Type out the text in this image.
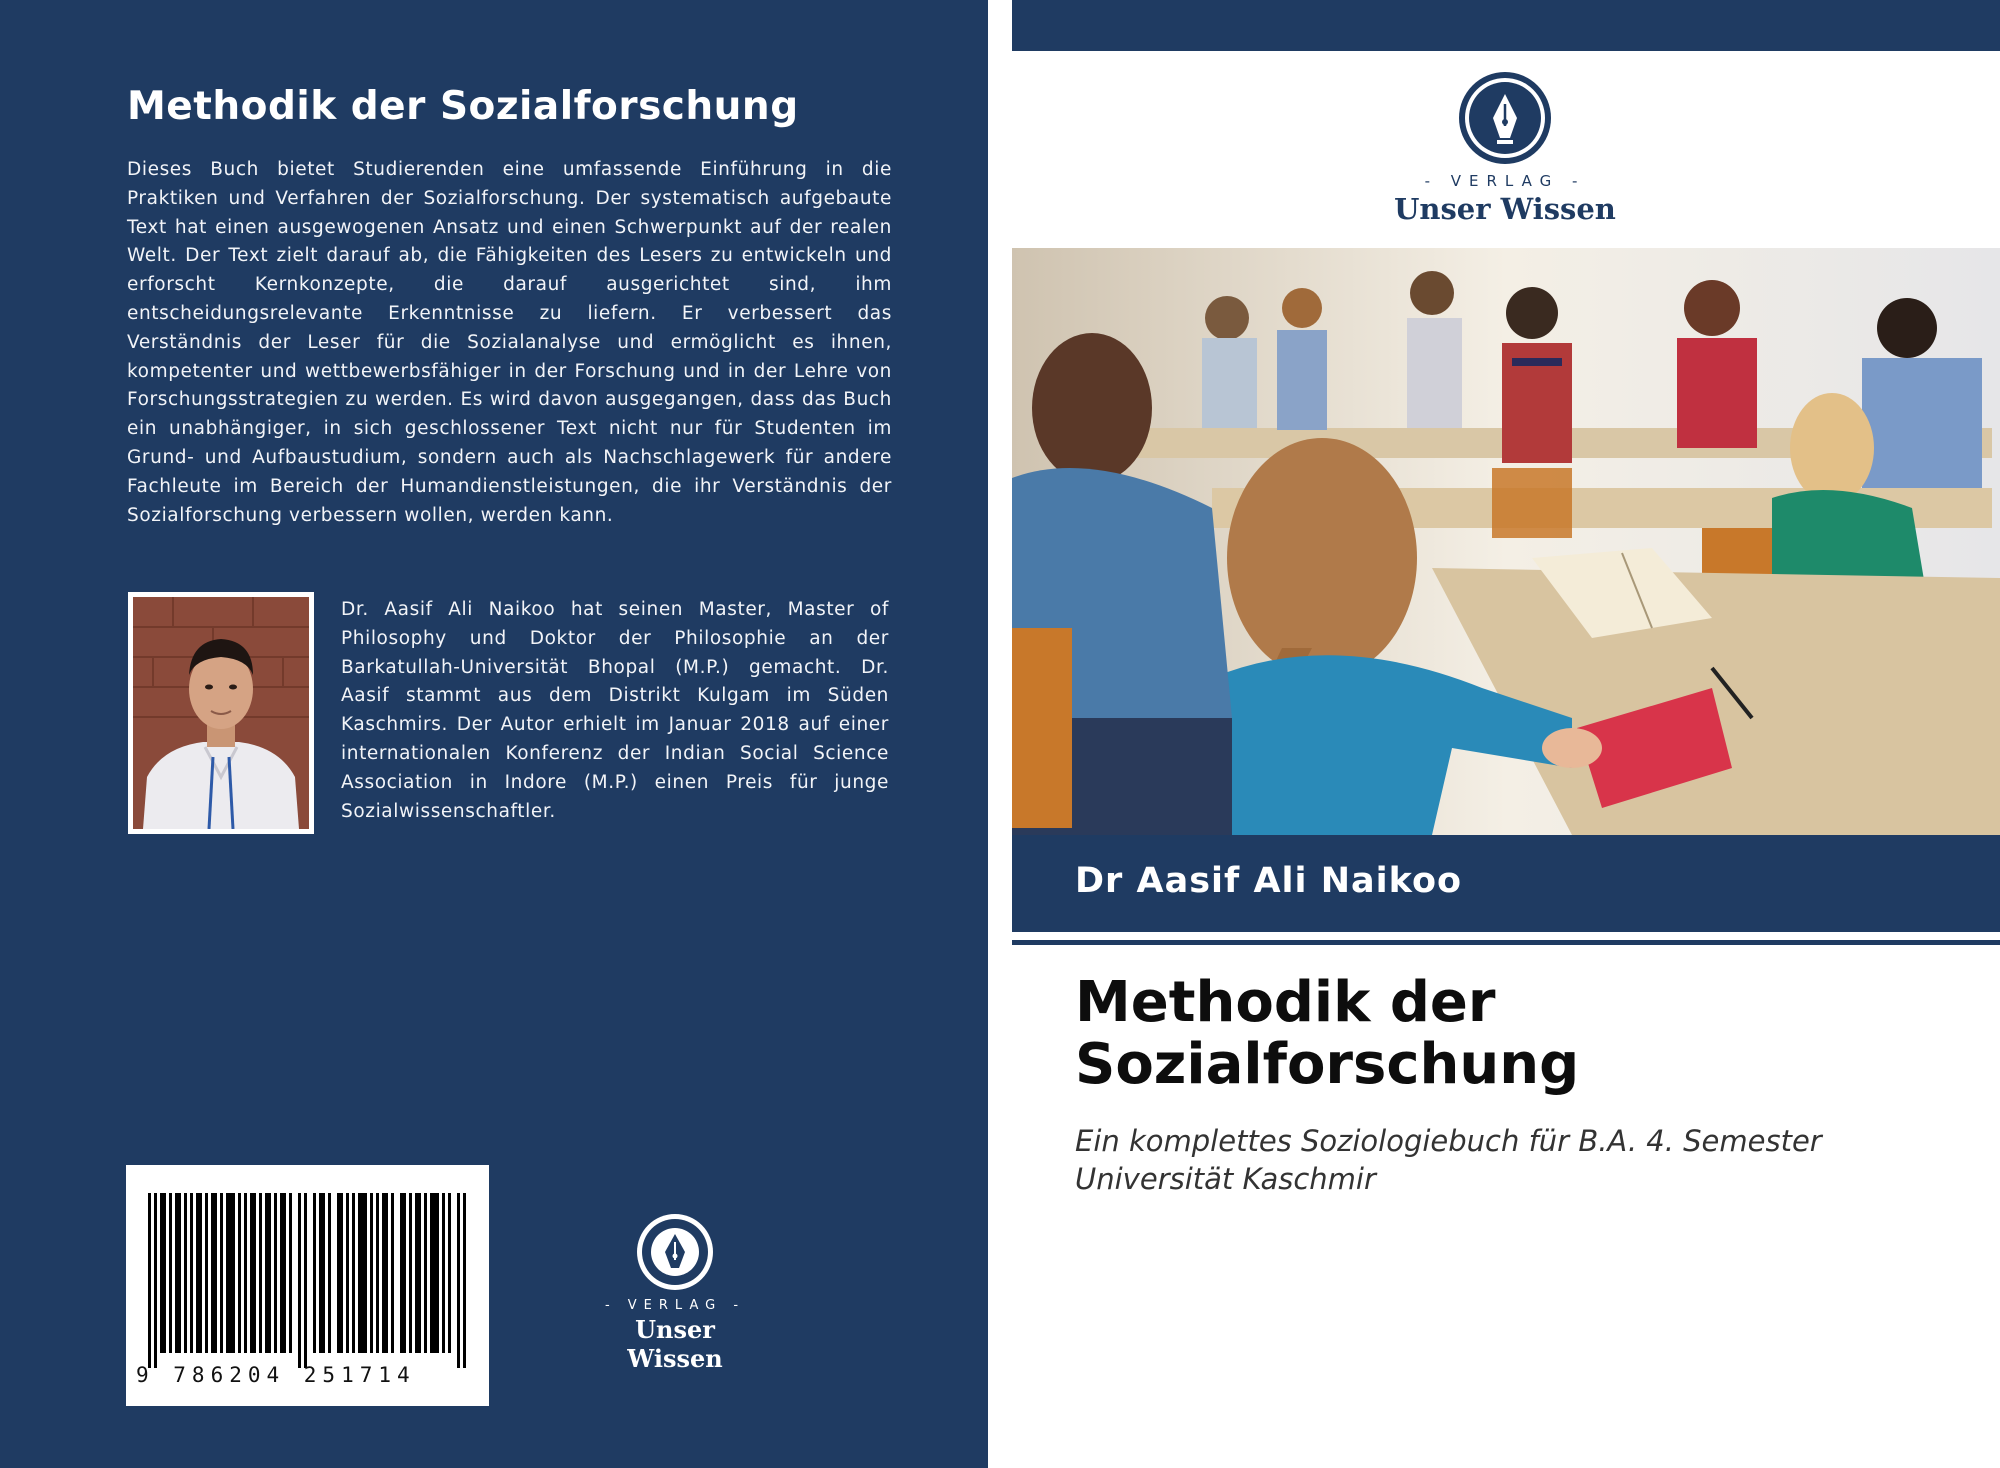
Methodik der Sozialforschung

Dieses Buch bietet Studierenden eine umfassende Einführung in die Praktiken und Verfahren der Sozialforschung. Der systematisch aufgebaute Text hat einen ausgewogenen Ansatz und einen Schwerpunkt auf der realen Welt. Der Text zielt darauf ab, die Fähigkeiten des Lesers zu entwickeln und erforscht Kernkonzepte, die darauf ausgerichtet sind, ihm entscheidungsrelevante Erkenntnisse zu liefern. Er verbessert das Verständnis der Leser für die Sozialanalyse und ermöglicht es ihnen, kompetenter und wettbewerbsfähiger in der Forschung und in der Lehre von Forschungsstrategien zu werden. Es wird davon ausgegangen, dass das Buch ein unabhängiger, in sich geschlossener Text nicht nur für Studenten im Grund- und Aufbaustudium, sondern auch als Nachschlagewerk für andere Fachleute im Bereich der Humandienstleistungen, die ihr Verständnis der Sozialforschung verbessern wollen, werden kann.

Dr. Aasif Ali Naikoo hat seinen Master, Master of Philosophy und Doktor der Philosophie an der Barkatullah-Universität Bhopal (M.P.) gemacht. Dr. Aasif stammt aus dem Distrikt Kulgam im Süden Kaschmirs. Der Autor erhielt im Januar 2018 auf einer internationalen Konferenz der Indian Social Science Association in Indore (M.P.) einen Preis für junge Sozialwissenschaftler.

9 786204 251714
- VERLAG -
Unser Wissen
- VERLAG -
Unser Wissen
Dr Aasif Ali Naikoo
Methodik der Sozialforschung

Ein komplettes Soziologiebuch für B.A. 4. Semester Universität Kaschmir
